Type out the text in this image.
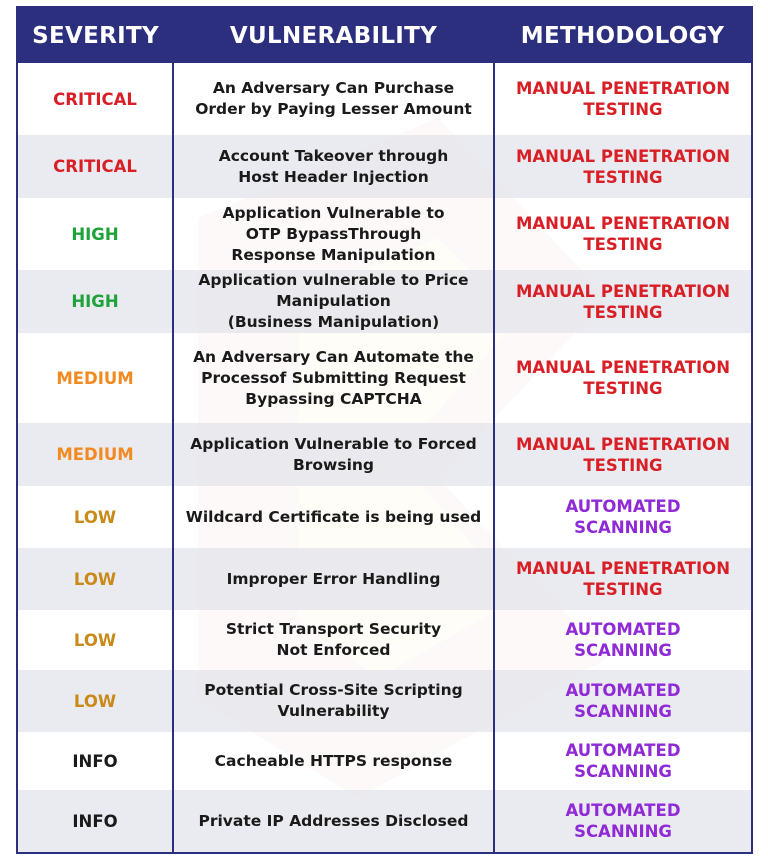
SEVERITY	VULNERABILITY	METHODOLOGY
CRITICAL	An Adversary Can Purchase
Order by Paying Lesser Amount	MANUAL PENETRATION
TESTING
CRITICAL	Account Takeover through
Host Header Injection	MANUAL PENETRATION
TESTING
HIGH	Application Vulnerable to
OTP BypassThrough
Response Manipulation	MANUAL PENETRATION
TESTING
HIGH	Application vulnerable to Price
Manipulation
(Business Manipulation)	MANUAL PENETRATION
TESTING
MEDIUM	An Adversary Can Automate the
Processof Submitting Request
Bypassing CAPTCHA	MANUAL PENETRATION
TESTING
MEDIUM	Application Vulnerable to Forced
Browsing	MANUAL PENETRATION
TESTING
LOW	Wildcard Certificate is being used	AUTOMATED
SCANNING
LOW	Improper Error Handling	MANUAL PENETRATION
TESTING
LOW	Strict Transport Security
Not Enforced	AUTOMATED
SCANNING
LOW	Potential Cross-Site Scripting
Vulnerability	AUTOMATED
SCANNING
INFO	Cacheable HTTPS response	AUTOMATED
SCANNING
INFO	Private IP Addresses Disclosed	AUTOMATED
SCANNING
